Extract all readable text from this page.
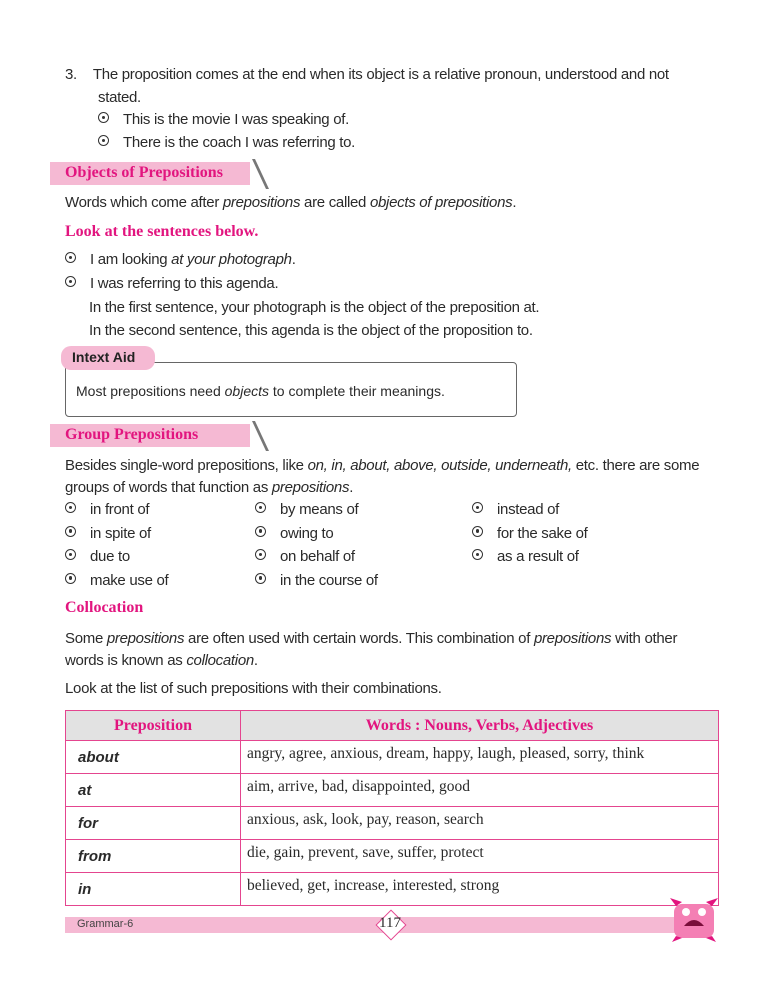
3. The proposition comes at the end when its object is a relative pronoun, understood and not
stated.
This is the movie I was speaking of.
There is the coach I was referring to.
Objects of Prepositions
Words which come after prepositions are called objects of prepositions.
Look at the sentences below.
I am looking at your photograph.
I was referring to this agenda.
In the first sentence, your photograph is the object of the preposition at.
In the second sentence, this agenda is the object of the proposition to.
Intext Aid
Most prepositions need objects to complete their meanings.
Group Prepositions
Besides single-word prepositions, like on, in, about, above, outside, underneath, etc. there are some
groups of words that function as prepositions.
in front of
in spite of
due to
make use of
by means of
owing to
on behalf of
in the course of
instead of
for the sake of
as a result of
Collocation
Some prepositions are often used with certain words. This combination of prepositions with other
words is known as collocation.
Look at the list of such prepositions with their combinations.
Preposition	Words : Nouns, Verbs, Adjectives
about	angry, agree, anxious, dream, happy, laugh, pleased, sorry, think
at	aim, arrive, bad, disappointed, good
for	anxious, ask, look, pay, reason, search
from	die, gain, prevent, save, suffer, protect
in	believed, get, increase, interested, strong
Grammar-6	117
